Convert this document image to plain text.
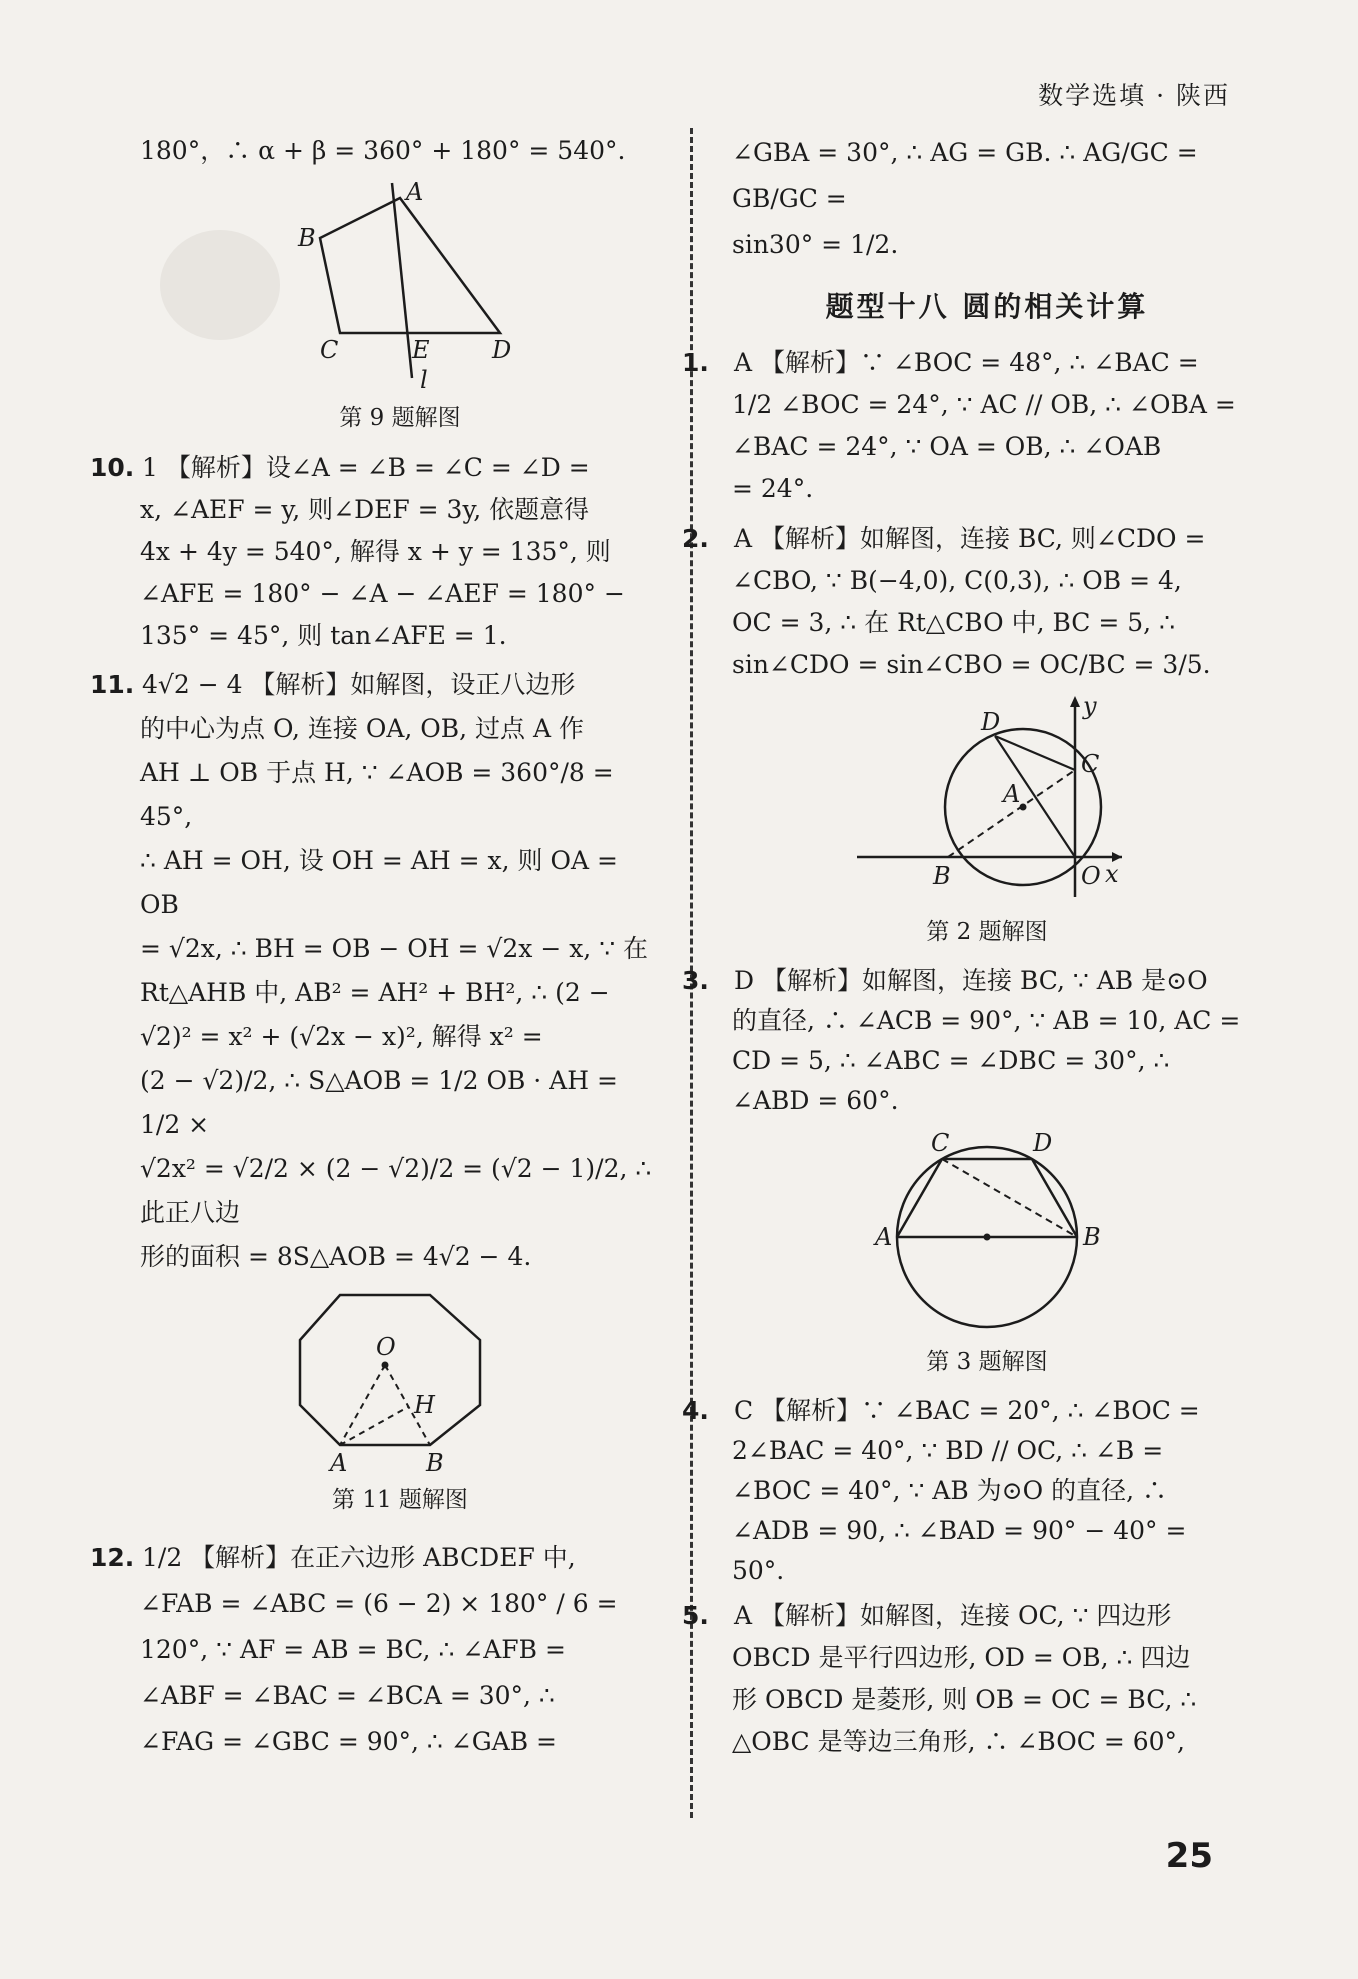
数学选填 · 陕西

180°，∴ α + β = 360° + 180° = 540°.

A
B
C	E	D
l
第 9 题解图

10. 1 【解析】设∠A = ∠B = ∠C = ∠D =

x, ∠AEF = y, 则∠DEF = 3y, 依题意得

4x + 4y = 540°, 解得 x + y = 135°, 则

∠AFE = 180° − ∠A − ∠AEF = 180° −

135° = 45°, 则 tan∠AFE = 1.

11. 4√2 − 4 【解析】如解图，设正八边形

的中心为点 O, 连接 OA, OB, 过点 A 作

AH ⊥ OB 于点 H, ∵ ∠AOB = 360°/8 = 45°,

∴ AH = OH, 设 OH = AH = x, 则 OA = OB

= √2x, ∴ BH = OB − OH = √2x − x, ∵ 在

Rt△AHB 中, AB² = AH² + BH², ∴ (2 −

√2)² = x² + (√2x − x)², 解得 x² =

(2 − √2)/2, ∴ S△AOB = 1/2 OB · AH = 1/2 ×

√2x² = √2/2 × (2 − √2)/2 = (√2 − 1)/2, ∴ 此正八边

形的面积 = 8S△AOB = 4√2 − 4.

O
H
A	B
第 11 题解图

12. 1/2 【解析】在正六边形 ABCDEF 中,

∠FAB = ∠ABC = (6 − 2) × 180° / 6 =

120°, ∵ AF = AB = BC, ∴ ∠AFB =

∠ABF = ∠BAC = ∠BCA = 30°, ∴

∠FAG = ∠GBC = 90°, ∴ ∠GAB =

∠GBA = 30°, ∴ AG = GB. ∴ AG/GC = GB/GC =

sin30° = 1/2.

题型十八 圆的相关计算

1. A 【解析】∵ ∠BOC = 48°, ∴ ∠BAC =

1/2 ∠BOC = 24°, ∵ AC // OB, ∴ ∠OBA =

∠BAC = 24°, ∵ OA = OB, ∴ ∠OAB

= 24°.

2. A 【解析】如解图，连接 BC, 则∠CDO =

∠CBO, ∵ B(−4,0), C(0,3), ∴ OB = 4,

OC = 3, ∴ 在 Rt△CBO 中, BC = 5, ∴

sin∠CDO = sin∠CBO = OC/BC = 3/5.

y
D
C
A
B	O x
第 2 题解图

3. D 【解析】如解图，连接 BC, ∵ AB 是⊙O

的直径, ∴ ∠ACB = 90°, ∵ AB = 10, AC =

CD = 5, ∴ ∠ABC = ∠DBC = 30°, ∴

∠ABD = 60°.

C	D
A	B
第 3 题解图

4. C 【解析】∵ ∠BAC = 20°, ∴ ∠BOC =

2∠BAC = 40°, ∵ BD // OC, ∴ ∠B =

∠BOC = 40°, ∵ AB 为⊙O 的直径, ∴

∠ADB = 90, ∴ ∠BAD = 90° − 40° = 50°.

5. A 【解析】如解图，连接 OC, ∵ 四边形

OBCD 是平行四边形, OD = OB, ∴ 四边

形 OBCD 是菱形, 则 OB = OC = BC, ∴

△OBC 是等边三角形, ∴ ∠BOC = 60°,

25
